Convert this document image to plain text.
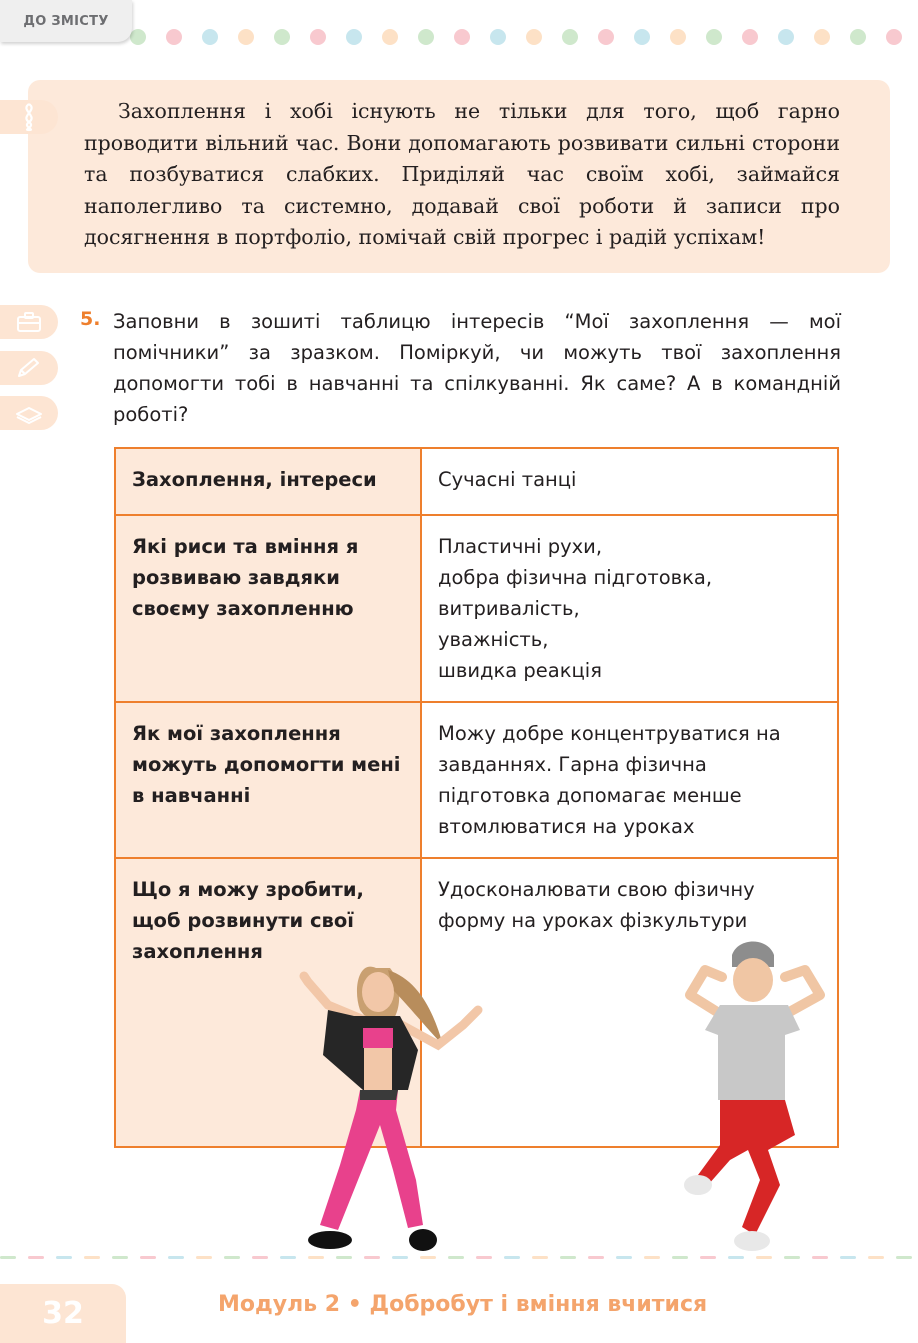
ДО ЗМІСТУ
Захоплення і хобі існують не тільки для того, щоб гарно проводити вільний час. Вони допомагають розвивати сильні сторони та позбуватися слабких. Приділяй час своїм хобі, займайся наполегливо та системно, додавай свої роботи й записи про досягнення в портфоліо, помічай свій прогрес і радій успіхам!
5. Заповни в зошиті таблицю інтересів “Мої захоплення — мої помічники” за зразком. Поміркуй, чи можуть твої захоплення допомогти тобі в навчанні та спілкуванні. Як саме? А в командній роботі?
Захоплення, інтереси	Сучасні танці
Які риси та вміння я розвиваю завдяки своєму захопленню	Пластичні рухи,
добра фізична підготовка,
витривалість,
уважність,
швидка реакція
Як мої захоплення можуть допомогти мені в навчанні	Можу добре концентруватися на завданнях. Гарна фізична підготовка допомагає менше втомлюватися на уроках
Що я можу зробити, щоб розвинути свої захоплення	Удосконалювати свою фізичну форму на уроках фізкультури
32	Модуль 2 • Добробут і вміння вчитися
